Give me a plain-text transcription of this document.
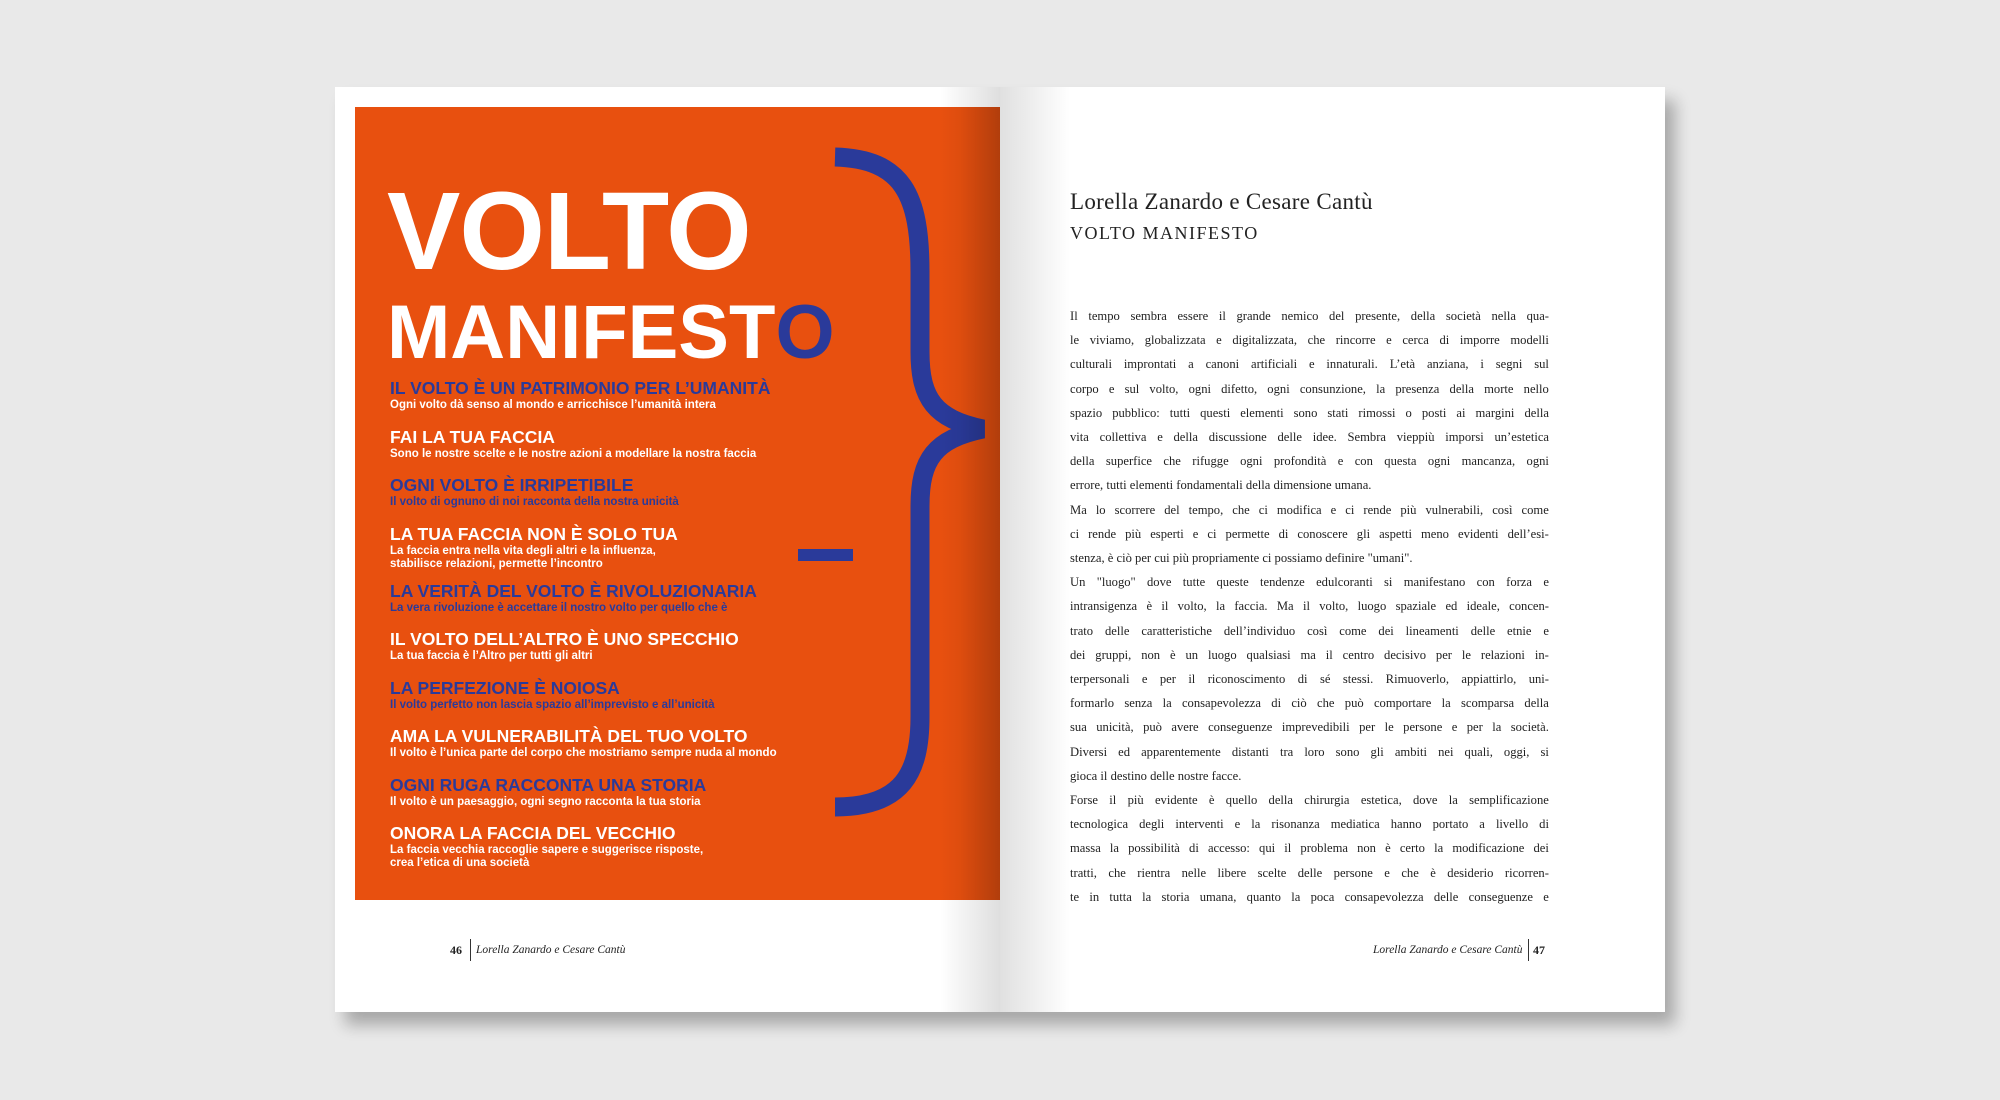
VOLTO
MANIFESTO
IL VOLTO È UN PATRIMONIO PER L’UMANITÀ
Ogni volto dà senso al mondo e arricchisce l’umanità intera
FAI LA TUA FACCIA
Sono le nostre scelte e le nostre azioni a modellare la nostra faccia
OGNI VOLTO È IRRIPETIBILE
Il volto di ognuno di noi racconta della nostra unicità
LA TUA FACCIA NON È SOLO TUA
La faccia entra nella vita degli altri e la influenza,
stabilisce relazioni, permette l’incontro
LA VERITÀ DEL VOLTO È RIVOLUZIONARIA
La vera rivoluzione è accettare il nostro volto per quello che è
IL VOLTO DELL’ALTRO È UNO SPECCHIO
La tua faccia è l’Altro per tutti gli altri
LA PERFEZIONE È NOIOSA
Il volto perfetto non lascia spazio all’imprevisto e all’unicità
AMA LA VULNERABILITÀ DEL TUO VOLTO
Il volto è l’unica parte del corpo che mostriamo sempre nuda al mondo
OGNI RUGA RACCONTA UNA STORIA
Il volto è un paesaggio, ogni segno racconta la tua storia
ONORA LA FACCIA DEL VECCHIO
La faccia vecchia raccoglie sapere e suggerisce risposte,
crea l’etica di una società
46 Lorella Zanardo e Cesare Cantù
Lorella Zanardo e Cesare Cantù
VOLTO MANIFESTO
Il tempo sembra essere il grande nemico del presente, della società nella qua-
le viviamo, globalizzata e digitalizzata, che rincorre e cerca di imporre modelli
culturali improntati a canoni artificiali e innaturali. L’età anziana, i segni sul
corpo e sul volto, ogni difetto, ogni consunzione, la presenza della morte nello
spazio pubblico: tutti questi elementi sono stati rimossi o posti ai margini della
vita collettiva e della discussione delle idee. Sembra vieppiù imporsi un’estetica
della superfice che rifugge ogni profondità e con questa ogni mancanza, ogni
errore, tutti elementi fondamentali della dimensione umana.
Ma lo scorrere del tempo, che ci modifica e ci rende più vulnerabili, così come
ci rende più esperti e ci permette di conoscere gli aspetti meno evidenti dell’esi-
stenza, è ciò per cui più propriamente ci possiamo definire "umani".
Un "luogo" dove tutte queste tendenze edulcoranti si manifestano con forza e
intransigenza è il volto, la faccia. Ma il volto, luogo spaziale ed ideale, concen-
trato delle caratteristiche dell’individuo così come dei lineamenti delle etnie e
dei gruppi, non è un luogo qualsiasi ma il centro decisivo per le relazioni in-
terpersonali e per il riconoscimento di sé stessi. Rimuoverlo, appiattirlo, uni-
formarlo senza la consapevolezza di ciò che può comportare la scomparsa della
sua unicità, può avere conseguenze imprevedibili per le persone e per la società.
Diversi ed apparentemente distanti tra loro sono gli ambiti nei quali, oggi, si
gioca il destino delle nostre facce.
Forse il più evidente è quello della chirurgia estetica, dove la semplificazione
tecnologica degli interventi e la risonanza mediatica hanno portato a livello di
massa la possibilità di accesso: qui il problema non è certo la modificazione dei
tratti, che rientra nelle libere scelte delle persone e che è desiderio ricorren-
te in tutta la storia umana, quanto la poca consapevolezza delle conseguenze e
Lorella Zanardo e Cesare Cantù 47
